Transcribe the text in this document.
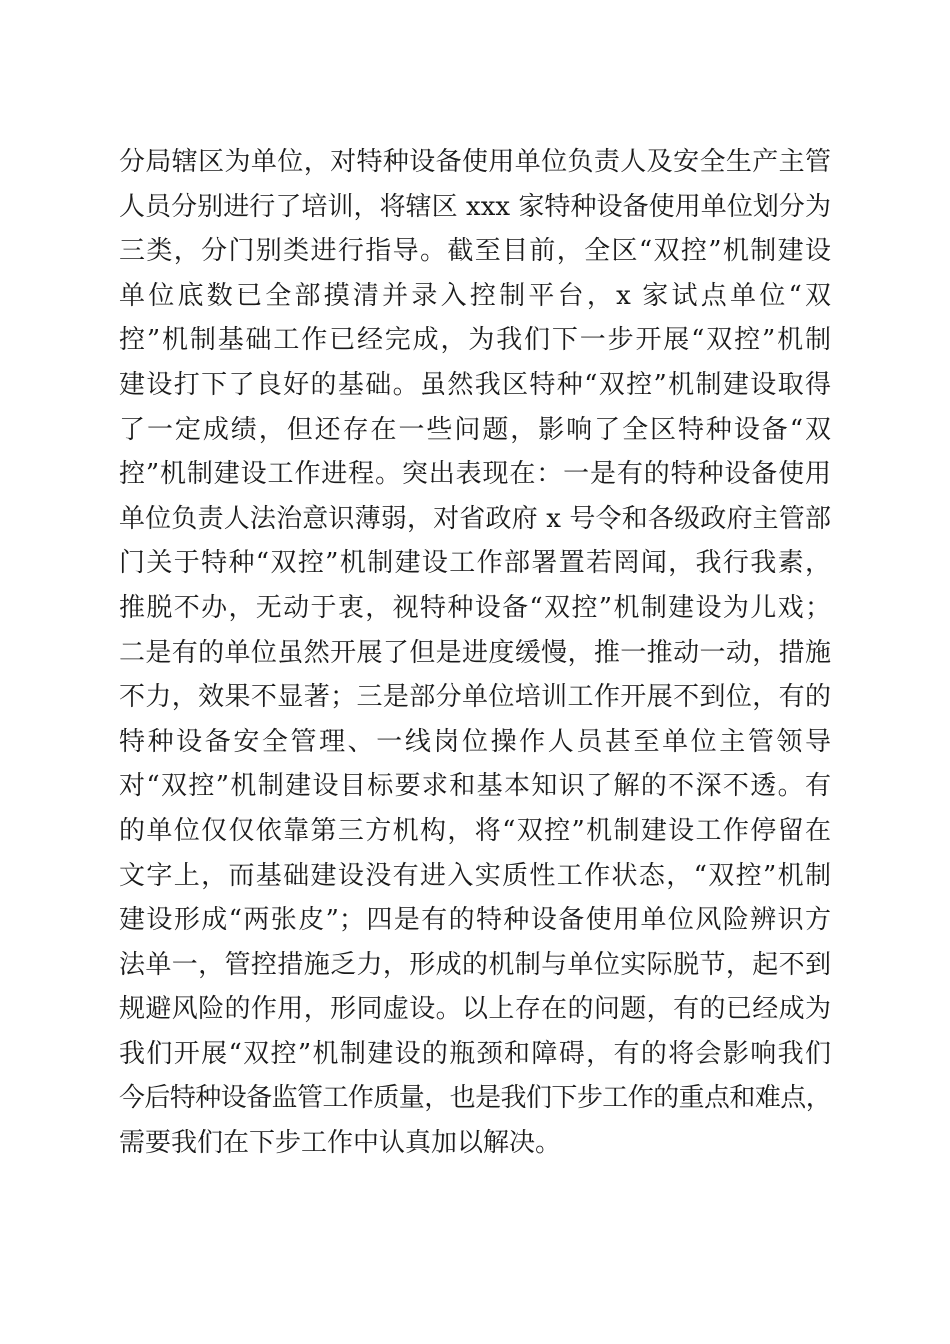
分局辖区为单位，对特种设备使用单位负责人及安全生产主管
人员分别进行了培训，将辖区 xxx 家特种设备使用单位划分为
三类，分门别类进行指导。截至目前，全区“双控”机制建设
单位底数已全部摸清并录入控制平台，x 家试点单位“双
控”机制基础工作已经完成，为我们下一步开展“双控”机制
建设打下了良好的基础。虽然我区特种“双控”机制建设取得
了一定成绩，但还存在一些问题，影响了全区特种设备“双
控”机制建设工作进程。突出表现在：一是有的特种设备使用
单位负责人法治意识薄弱，对省政府 x 号令和各级政府主管部
门关于特种“双控”机制建设工作部署置若罔闻，我行我素，
推脱不办，无动于衷，视特种设备“双控”机制建设为儿戏；
二是有的单位虽然开展了但是进度缓慢，推一推动一动，措施
不力，效果不显著；三是部分单位培训工作开展不到位，有的
特种设备安全管理、一线岗位操作人员甚至单位主管领导
对“双控”机制建设目标要求和基本知识了解的不深不透。有
的单位仅仅依靠第三方机构，将“双控”机制建设工作停留在
文字上，而基础建设没有进入实质性工作状态，“双控”机制
建设形成“两张皮”；四是有的特种设备使用单位风险辨识方
法单一，管控措施乏力，形成的机制与单位实际脱节，起不到
规避风险的作用，形同虚设。以上存在的问题，有的已经成为
我们开展“双控”机制建设的瓶颈和障碍，有的将会影响我们
今后特种设备监管工作质量，也是我们下步工作的重点和难点，
需要我们在下步工作中认真加以解决。
